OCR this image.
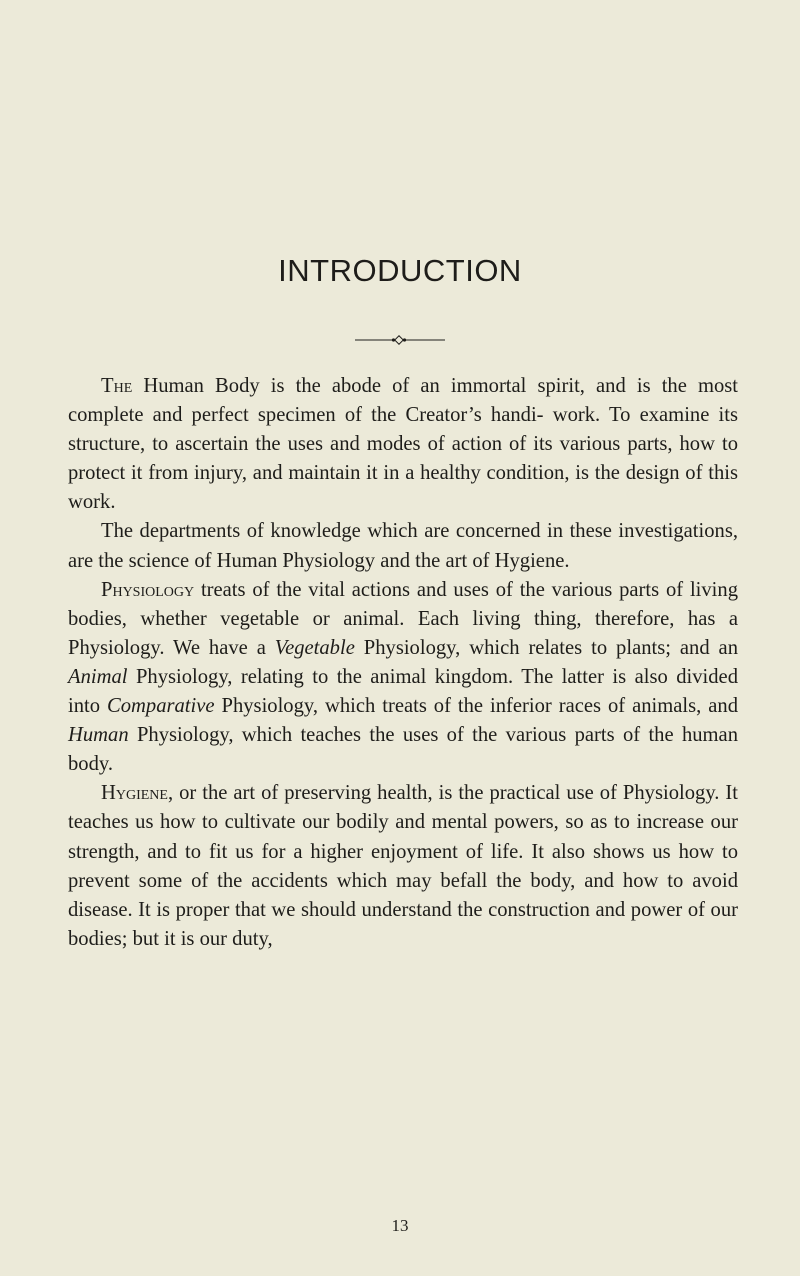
INTRODUCTION

The Human Body is the abode of an immortal spirit, and is the most complete and perfect specimen of the Creator’s handi- work. To examine its structure, to ascertain the uses and modes of action of its various parts, how to protect it from injury, and maintain it in a healthy condition, is the design of this work.

The departments of knowledge which are concerned in these investigations, are the science of Human Physiology and the art of Hygiene.

Physiology treats of the vital actions and uses of the various parts of living bodies, whether vegetable or animal. Each living thing, therefore, has a Physiology. We have a Vegetable Physiology, which relates to plants; and an Animal Physiology, relating to the animal kingdom. The latter is also divided into Comparative Physiology, which treats of the inferior races of animals, and Human Physiology, which teaches the uses of the various parts of the human body.

Hygiene, or the art of preserving health, is the practical use of Physiology. It teaches us how to cultivate our bodily and mental powers, so as to increase our strength, and to fit us for a higher enjoyment of life. It also shows us how to prevent some of the accidents which may befall the body, and how to avoid disease. It is proper that we should understand the construction and power of our bodies; but it is our duty,

13
